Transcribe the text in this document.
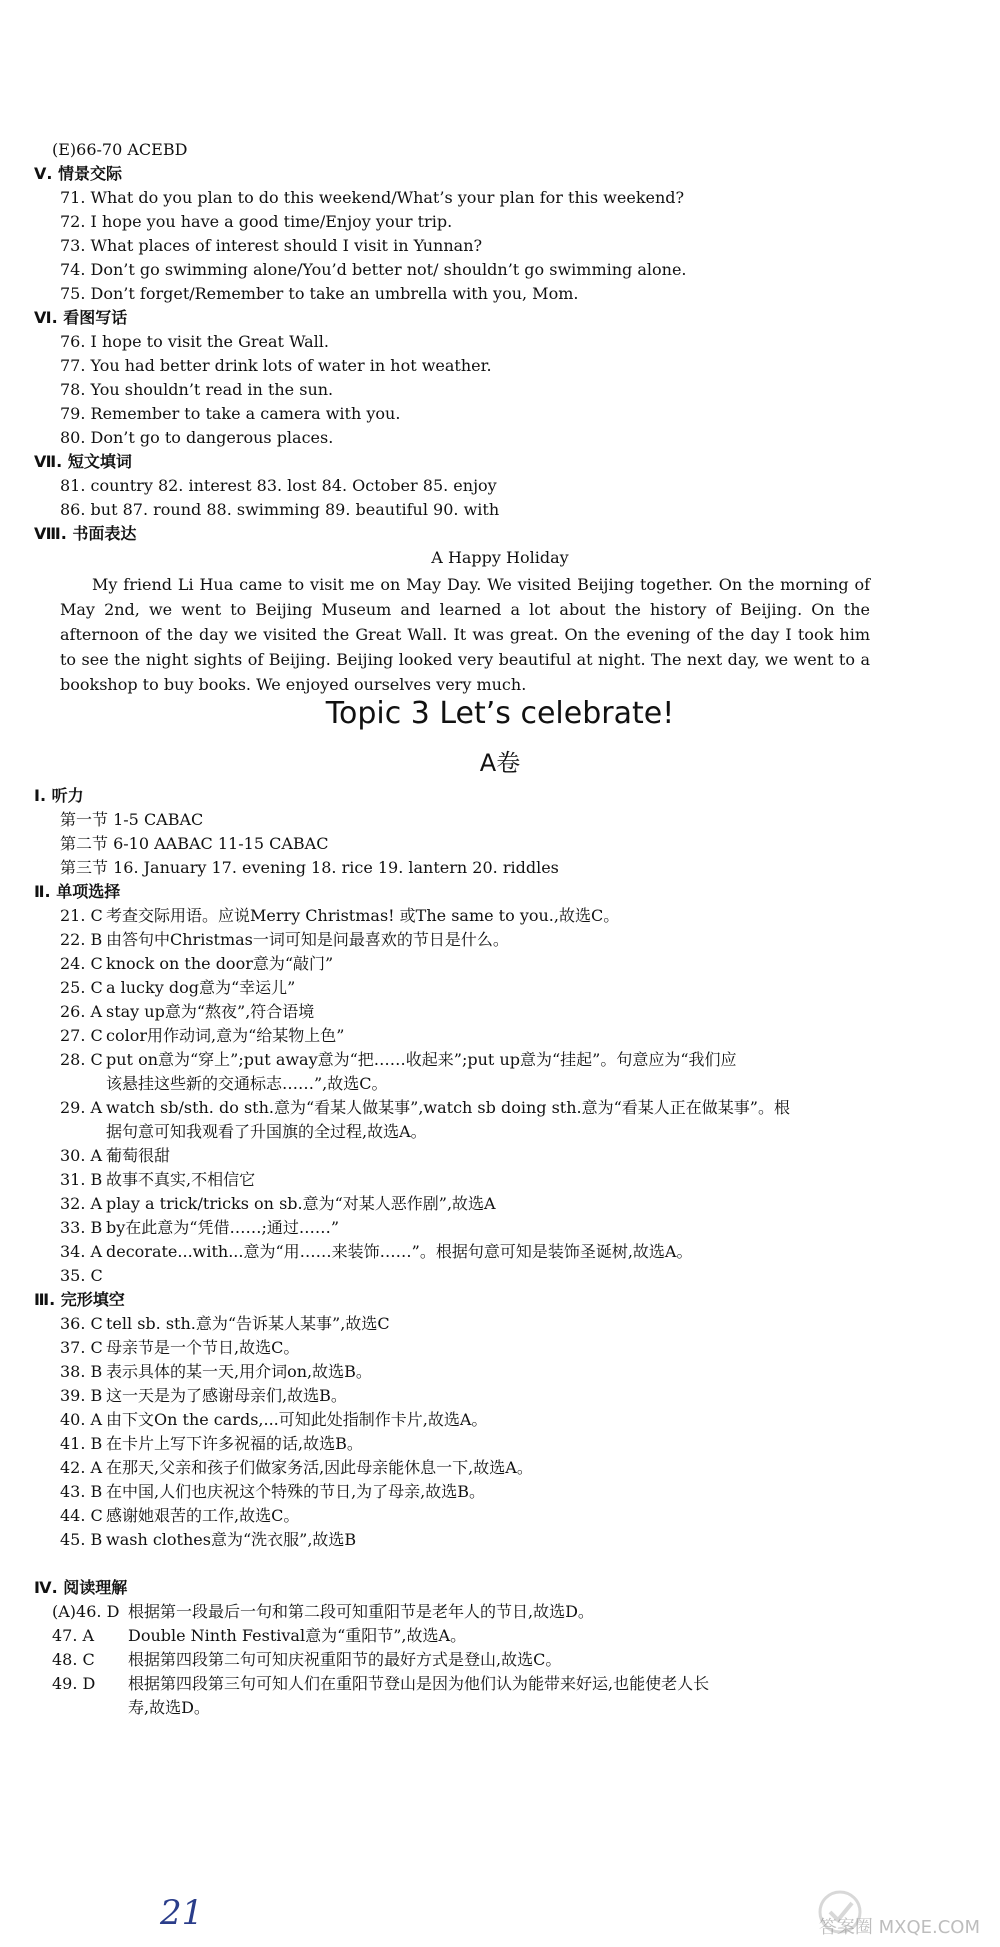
(E)66-70 ACEBD
Ⅴ. 情景交际
71. What do you plan to do this weekend/What’s your plan for this weekend?
72. I hope you have a good time/Enjoy your trip.
73. What places of interest should I visit in Yunnan?
74. Don’t go swimming alone/You’d better not/ shouldn’t go swimming alone.
75. Don’t forget/Remember to take an umbrella with you, Mom.
Ⅵ. 看图写话
76. I hope to visit the Great Wall.
77. You had better drink lots of water in hot weather.
78. You shouldn’t read in the sun.
79. Remember to take a camera with you.
80. Don’t go to dangerous places.
Ⅶ. 短文填词
81. country 82. interest 83. lost 84. October 85. enjoy
86. but 87. round 88. swimming 89. beautiful 90. with
Ⅷ. 书面表达
A Happy Holiday
My friend Li Hua came to visit me on May Day. We visited Beijing together. On the morning of May 2nd, we went to Beijing Museum and learned a lot about the history of Beijing. On the afternoon of the day we visited the Great Wall. It was great. On the evening of the day I took him to see the night sights of Beijing. Beijing looked very beautiful at night. The next day, we went to a bookshop to buy books. We enjoyed ourselves very much.
Topic 3 Let’s celebrate!
A卷
Ⅰ. 听力
第一节 1-5 CABAC
第二节 6-10 AABAC 11-15 CABAC
第三节 16. January 17. evening 18. rice 19. lantern 20. riddles
Ⅱ. 单项选择
21. C 考查交际用语。应说Merry Christmas! 或The same to you.,故选C。
22. B 由答句中Christmas一词可知是问最喜欢的节日是什么。
24. C knock on the door意为“敲门”
25. C a lucky dog意为“幸运儿”
26. A stay up意为“熬夜”,符合语境
27. C color用作动词,意为“给某物上色”
28. C put on意为“穿上”;put away意为“把……收起来”;put up意为“挂起”。句意应为“我们应
该悬挂这些新的交通标志……”,故选C。
29. A watch sb/sth. do sth.意为“看某人做某事”,watch sb doing sth.意为“看某人正在做某事”。根
据句意可知我观看了升国旗的全过程,故选A。
30. A 葡萄很甜
31. B 故事不真实,不相信它
32. A play a trick/tricks on sb.意为“对某人恶作剧”,故选A
33. B by在此意为“凭借……;通过……”
34. A decorate...with...意为“用……来装饰……”。根据句意可知是装饰圣诞树,故选A。
35. C
Ⅲ. 完形填空
36. C tell sb. sth.意为“告诉某人某事”,故选C
37. C 母亲节是一个节日,故选C。
38. B 表示具体的某一天,用介词on,故选B。
39. B 这一天是为了感谢母亲们,故选B。
40. A 由下文On the cards,...可知此处指制作卡片,故选A。
41. B 在卡片上写下许多祝福的话,故选B。
42. A 在那天,父亲和孩子们做家务活,因此母亲能休息一下,故选A。
43. B 在中国,人们也庆祝这个特殊的节日,为了母亲,故选B。
44. C 感谢她艰苦的工作,故选C。
45. B wash clothes意为“洗衣服”,故选B
Ⅳ. 阅读理解
(A)46. D 根据第一段最后一句和第二段可知重阳节是老年人的节日,故选D。
47. A Double Ninth Festival意为“重阳节”,故选A。
48. C 根据第四段第二句可知庆祝重阳节的最好方式是登山,故选C。
49. D 根据第四段第三句可知人们在重阳节登山是因为他们认为能带来好运,也能使老人长
寿,故选D。
21	答案圈 MXQE.COM
